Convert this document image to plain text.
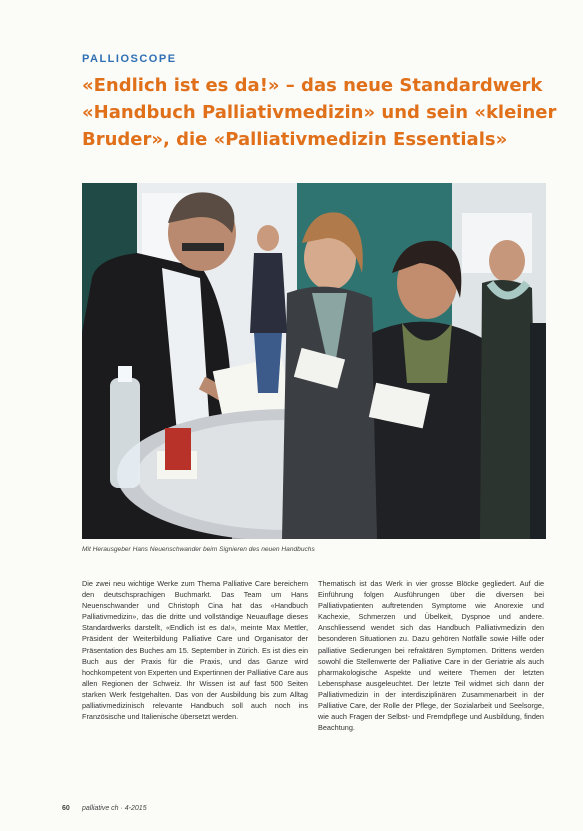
PALLIOSCOPE
«Endlich ist es da!» – das neue Standardwerk
«Handbuch Palliativmedizin» und sein «kleiner
Bruder», die «Palliativmedizin Essentials»
Mit Herausgeber Hans Neuenschwander beim Signieren des neuen Handbuchs

Die zwei neu wichtige Werke zum Thema Palliative Care bereichern den deutschsprachigen Buchmarkt. Das Team um Hans Neuenschwander und Christoph Cina hat das «Handbuch Palliativmedizin», das die dritte und vollständige Neuauflage dieses Standardwerks darstellt, «Endlich ist es da!», meinte Max Mettler, Präsident der Weiterbildung Palliative Care und Organisator der Präsentation des Buches am 15. September in Zürich. Es ist dies ein Buch aus der Praxis für die Praxis, und das Ganze wird hochkompetent von Experten und Expertinnen der Palliative Care aus allen Regionen der Schweiz. Ihr Wissen ist auf fast 500 Seiten starken Werk festgehalten. Das von der Ausbildung bis zum Alltag palliativmedizinisch relevante Handbuch soll auch noch ins Französische und Italienische übersetzt werden.

Thematisch ist das Werk in vier grosse Blöcke gegliedert. Auf die Einführung folgen Ausführungen über die diversen bei Palliativpatienten auftretenden Symptome wie Anorexie und Kachexie, Schmerzen und Übelkeit, Dyspnoe und andere. Anschliessend wendet sich das Handbuch Palliativmedizin den besonderen Situationen zu. Dazu gehören Notfälle sowie Hilfe oder palliative Sedierungen bei refraktären Symptomen. Drittens werden sowohl die Stellenwerte der Palliative Care in der Geriatrie als auch pharmakologische Aspekte und weitere Themen der letzten Lebensphase ausgeleuchtet. Der letzte Teil widmet sich dann der Palliativmedizin in der interdisziplinären Zusammenarbeit in der Palliative Care, der Rolle der Pflege, der Sozialarbeit und Seelsorge, wie auch Fragen der Selbst- und Fremdpflege und Ausbildung, finden Beachtung.

60 palliative ch · 4-2015
